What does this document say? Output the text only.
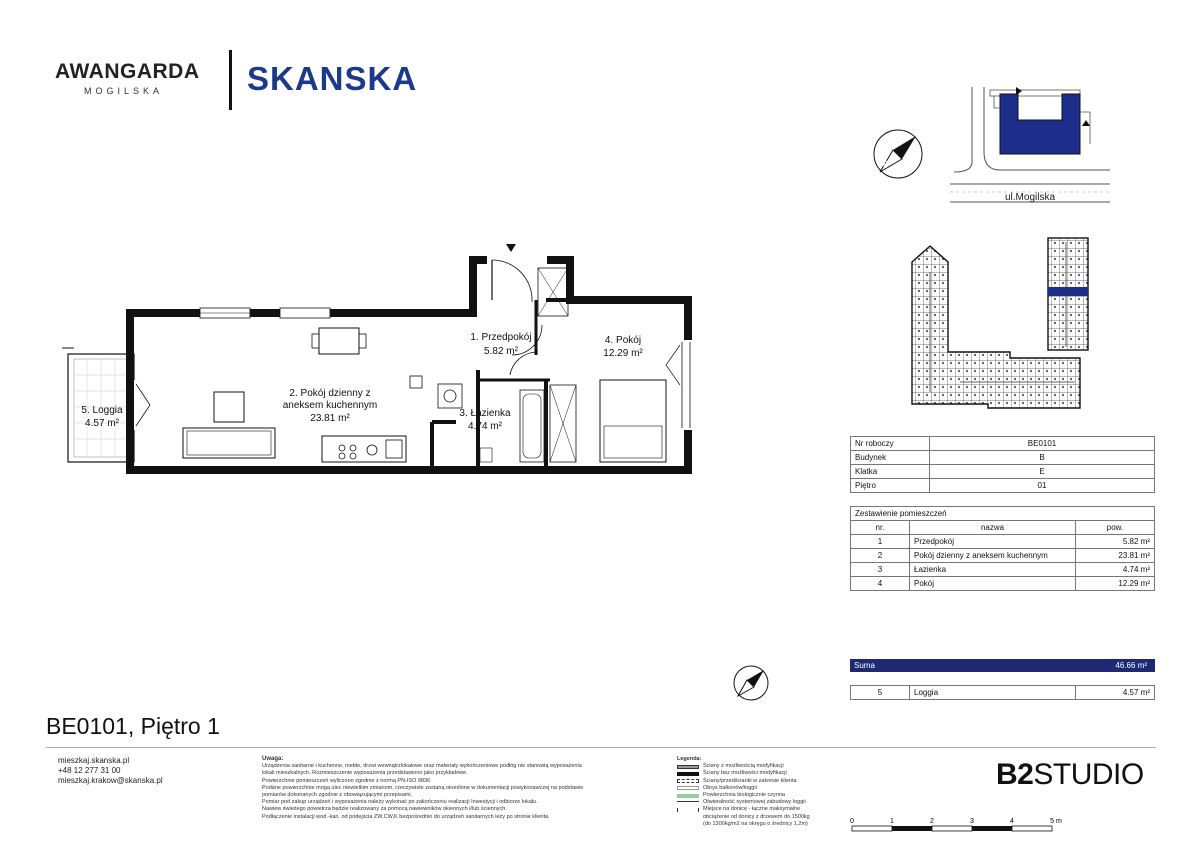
AWANGARDA
MOGILSKA	SKANSKA
N
ul.Mogilska
1. Przedpokój
5.82 m²
2. Pokój dzienny z
aneksem kuchennym
23.81 m²	3. Łazienka
4.74 m²
4. Pokój
12.29 m²
5. Loggia
4.57 m²
Nr roboczy	BE0101
Budynek	B
Klatka	E
Piętro	01
Zestawienie pomieszczeń		
nr.	nazwa	pow.
1	Przedpokój	5.82 m²
2	Pokój dzienny z aneksem kuchennym	23.81 m²
3	Łazienka	4.74 m²
4	Pokój	12.29 m²
Suma	46.66 m²
5	Loggia	4.57 m²
BE0101, Piętro 1
mieszkaj.skanska.pl
+48 12 277 31 00
mieszkaj.krakow@skanska.pl
Uwaga:
Urządzenia sanitarne i kuchenne, meble, drzwi wewnątrzlokalowe oraz materiały wykończeniowe podłóg nie stanowią wyposażenia
lokali mieszkalnych. Rozmieszczenie wyposażenia przedstawiono jako przykładowe.
Powierzchnie pomieszczeń wyliczono zgodnie z normą PN-ISO 9836
Podane powierzchnie mogą ulec niewielkim zmianom, rzeczywiste zostaną określone w dokumentacji powykonawczej na podstawie
pomiarów dokonanych zgodnie z obowiązującymi przepisami.
Pomiar pod zakup urządzeń i wyposażenia należy wykonać po zakończeniu realizacji Inwestycji i odbiorze lokalu.
Nawiew świeżego powietrza będzie realizowany za pomocą nawiewników okiennych i/lub ściennych.
Podłączenie instalacji wod.-kan. od podejścia ZW,CW,K bezpośrednio do urządzeń sanitarnych leży po stronie klienta.
Legenda:
Ściany z możliwością modyfikacji
Ściany bez możliwości modyfikacji
Ściany/przedścianki w zakresie klienta
Obrys balkonów/loggii
Powierzchnia biologicznie czynna
Otwieralność systemowej zabudowy loggii
Miejsce na donicę - łączne maksymalne
obciążenie od donicy z drzewem do 1500kg
(do 1300kg/m2 na okręgu o średnicy 1,2m)
B2STUDIO
0	1	2	3	4	5 m
